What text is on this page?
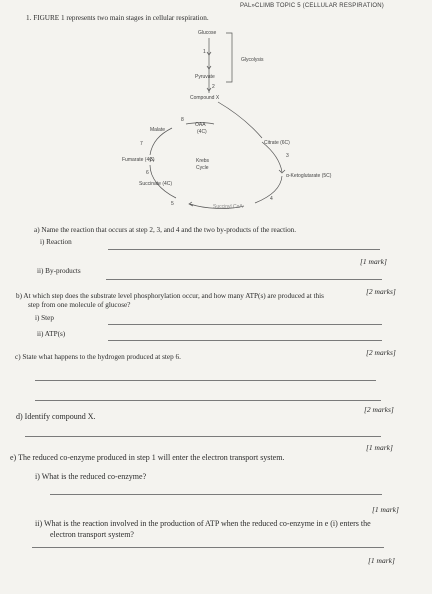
PAL»CLIMB TOPIC 5 (CELLULAR RESPIRATION)
1. FIGURE 1 represents two main stages in cellular respiration.
Glucose
Glycolysis
Pyruvate
Compound X
OAA
(4C)
Malate
Citrate (6C)
Fumarate (4C)	Krebs
Cycle
α-Ketoglutarate (5C)
Succinate (4C)
Succinyl CoA
1
2
8
7
3
6
4
5
a) Name the reaction that occurs at step 2, 3, and 4 and the two by-products of the reaction.
i) Reaction
[1 mark]
ii) By-products
[2 marks]
b) At which step does the substrate level phosphorylation occur, and how many ATP(s) are produced at this
step from one molecule of glucose?
i) Step
ii) ATP(s)
[2 marks]
c) State what happens to the hydrogen produced at step 6.
[2 marks]
d) Identify compound X.
[1 mark]
e) The reduced co-enzyme produced in step 1 will enter the electron transport system.
i) What is the reduced co-enzyme?
[1 mark]
ii) What is the reaction involved in the production of ATP when the reduced co-enzyme in e (i) enters the
electron transport system?
[1 mark]
